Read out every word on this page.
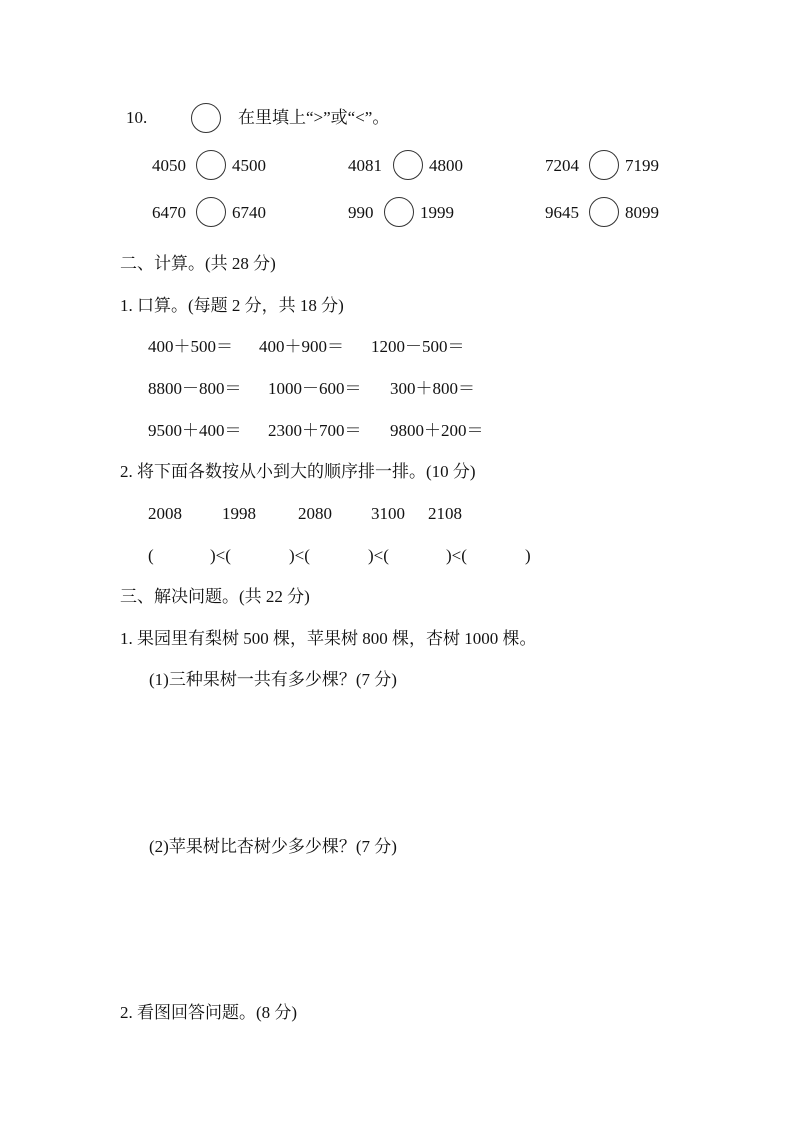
10.	在里填上“>”或“<”。
4050	4500	4081	4800	7204	7199
6470	6740	990	1999	9645	8099
二、计算。(共 28 分)
1. 口算。(每题 2 分，共 18 分)
400＋500＝ 400＋900＝ 1200－500＝
8800－800＝ 1000－600＝ 300＋800＝
9500＋400＝ 2300＋700＝ 9800＋200＝
2. 将下面各数按从小到大的顺序排一排。(10 分)
2008 1998 2080 3100 2108
(	)<(	)<(	)<(	)<(	)
三、解决问题。(共 22 分)
1. 果园里有梨树 500 棵，苹果树 800 棵，杏树 1000 棵。
(1)三种果树一共有多少棵？(7 分)
(2)苹果树比杏树少多少棵？(7 分)
2. 看图回答问题。(8 分)
